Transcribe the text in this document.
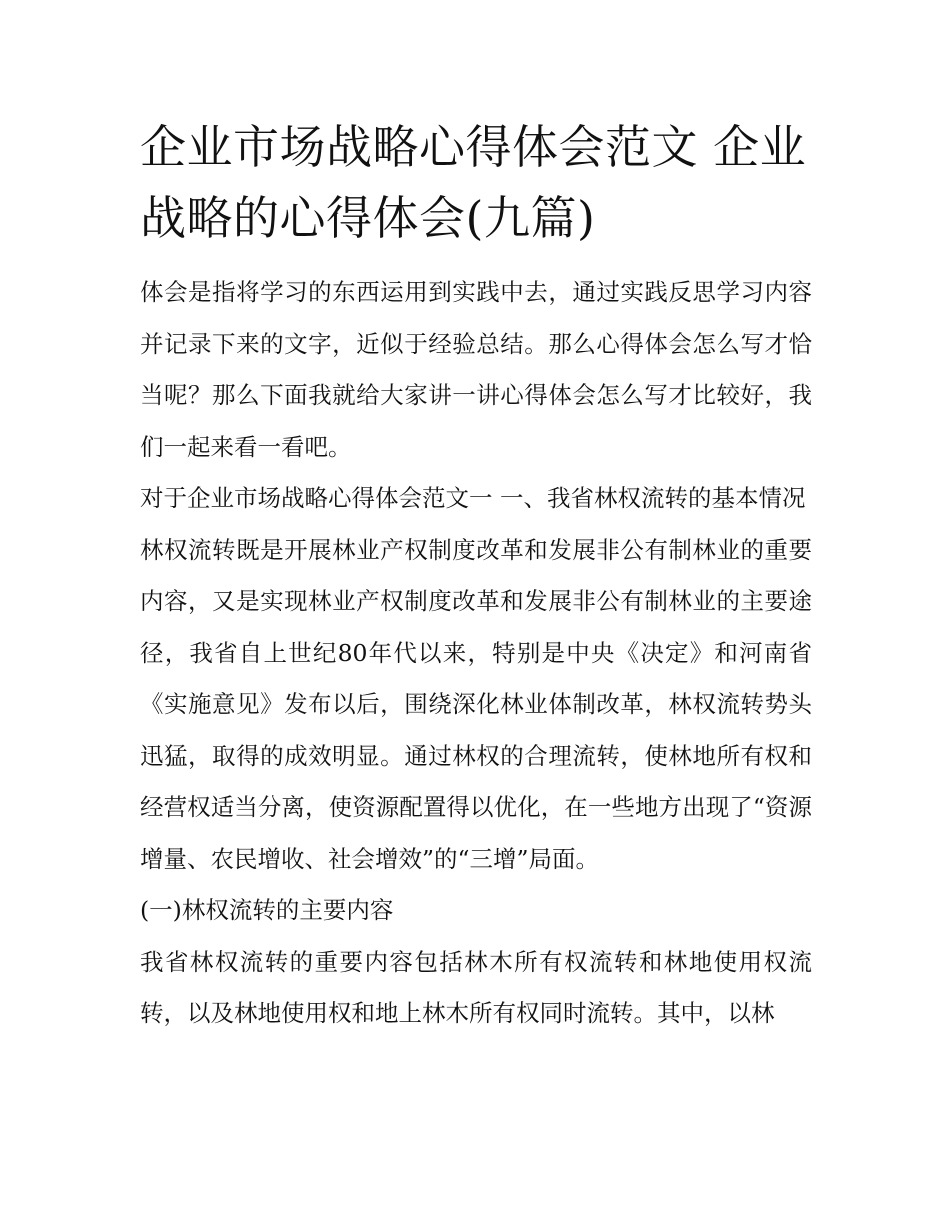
企业市场战略心得体会范文 企业战略的心得体会(九篇)

体会是指将学习的东西运用到实践中去，通过实践反思学习内容并记录下来的文字，近似于经验总结。那么心得体会怎么写才恰当呢？那么下面我就给大家讲一讲心得体会怎么写才比较好，我们一起来看一看吧。

对于企业市场战略心得体会范文一 一、我省林权流转的基本情况

林权流转既是开展林业产权制度改革和发展非公有制林业的重要内容，又是实现林业产权制度改革和发展非公有制林业的主要途径，我省自上世纪80年代以来，特别是中央《决定》和河南省《实施意见》发布以后，围绕深化林业体制改革，林权流转势头迅猛，取得的成效明显。通过林权的合理流转，使林地所有权和经营权适当分离，使资源配置得以优化，在一些地方出现了“资源增量、农民增收、社会增效”的“三增”局面。

(一)林权流转的主要内容

我省林权流转的重要内容包括林木所有权流转和林地使用权流转，以及林地使用权和地上林木所有权同时流转。其中，以林
